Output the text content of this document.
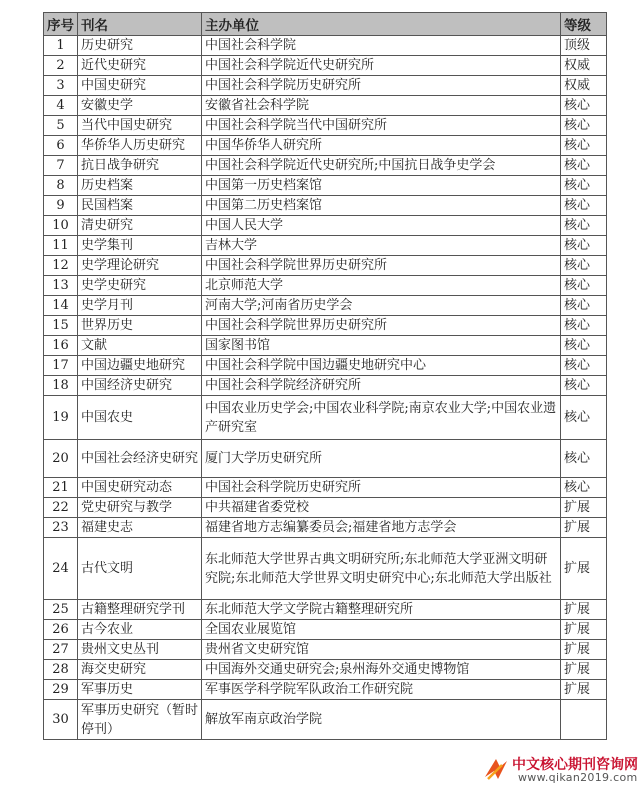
序号	刊名	主办单位	等级
1	历史研究	中国社会科学院	顶级
2	近代史研究	中国社会科学院近代史研究所	权威
3	中国史研究	中国社会科学院历史研究所	权威
4	安徽史学	安徽省社会科学院	核心
5	当代中国史研究	中国社会科学院当代中国研究所	核心
6	华侨华人历史研究	中国华侨华人研究所	核心
7	抗日战争研究	中国社会科学院近代史研究所;中国抗日战争史学会	核心
8	历史档案	中国第一历史档案馆	核心
9	民国档案	中国第二历史档案馆	核心
10	清史研究	中国人民大学	核心
11	史学集刊	吉林大学	核心
12	史学理论研究	中国社会科学院世界历史研究所	核心
13	史学史研究	北京师范大学	核心
14	史学月刊	河南大学;河南省历史学会	核心
15	世界历史	中国社会科学院世界历史研究所	核心
16	文献	国家图书馆	核心
17	中国边疆史地研究	中国社会科学院中国边疆史地研究中心	核心
18	中国经济史研究	中国社会科学院经济研究所	核心
19	中国农史	中国农业历史学会;中国农业科学院;南京农业大学;中国农业遗产研究室	核心
20	中国社会经济史研究	厦门大学历史研究所	核心
21	中国史研究动态	中国社会科学院历史研究所	核心
22	党史研究与教学	中共福建省委党校	扩展
23	福建史志	福建省地方志编纂委员会;福建省地方志学会	扩展
24	古代文明	东北师范大学世界古典文明研究所;东北师范大学亚洲文明研究院;东北师范大学世界文明史研究中心;东北师范大学出版社	扩展
25	古籍整理研究学刊	东北师范大学文学院古籍整理研究所	扩展
26	古今农业	全国农业展览馆	扩展
27	贵州文史丛刊	贵州省文史研究馆	扩展
28	海交史研究	中国海外交通史研究会;泉州海外交通史博物馆	扩展
29	军事历史	军事医学科学院军队政治工作研究院	扩展
30	军事历史研究（暂时停刊）	解放军南京政治学院	
中文核心期刊咨询网
www.qikan2019.com
